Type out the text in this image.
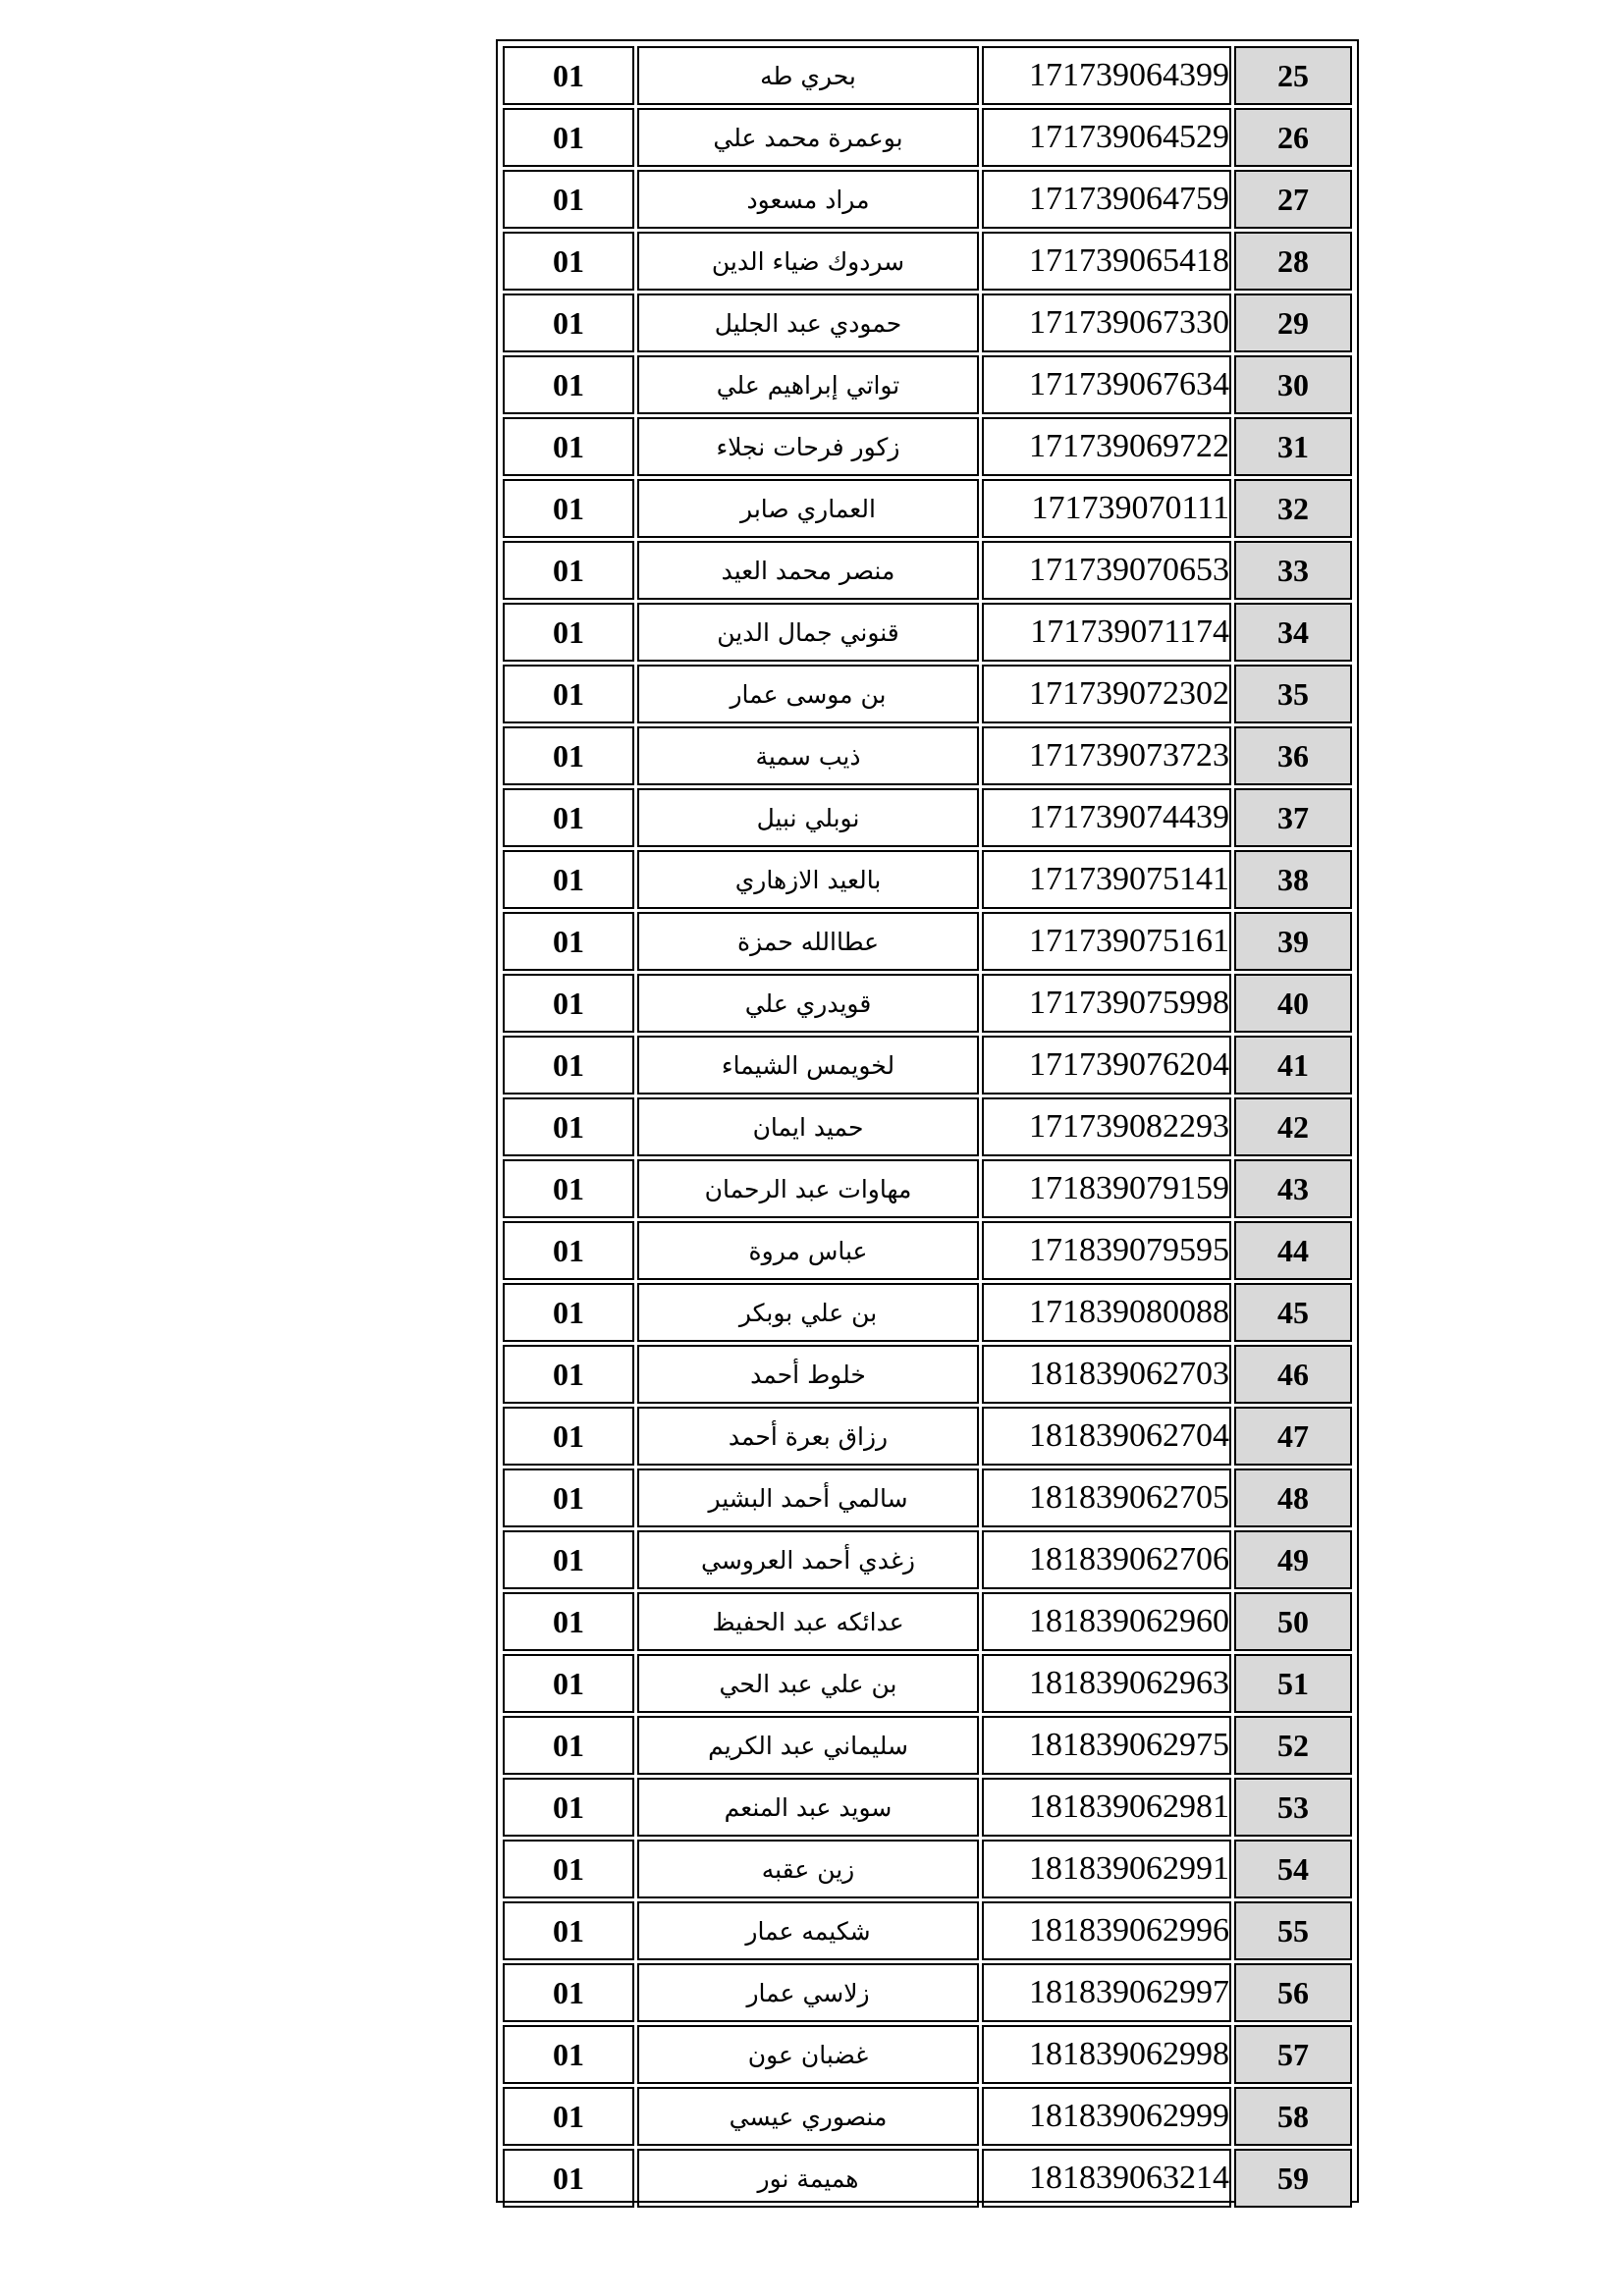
01	بحري طه	171739064399	25
01	بوعمرة محمد علي	171739064529	26
01	مراد مسعود	171739064759	27
01	سردوك ضياء الدين	171739065418	28
01	حمودي عبد الجليل	171739067330	29
01	تواتي إبراهيم علي	171739067634	30
01	زكور فرحات نجلاء	171739069722	31
01	العماري صابر	171739070111	32
01	منصر محمد العيد	171739070653	33
01	قنوني جمال الدين	171739071174	34
01	بن موسى عمار	171739072302	35
01	ذيب سمية	171739073723	36
01	نوبلي نبيل	171739074439	37
01	بالعيد الازهاري	171739075141	38
01	عطاالله حمزة	171739075161	39
01	قويدري علي	171739075998	40
01	لخويمس الشيماء	171739076204	41
01	حميد ايمان	171739082293	42
01	مهاوات عبد الرحمان	171839079159	43
01	عباس مروة	171839079595	44
01	بن علي بوبكر	171839080088	45
01	خلوط أحمد	181839062703	46
01	رزاق بعرة أحمد	181839062704	47
01	سالمي أحمد البشير	181839062705	48
01	زغدي أحمد العروسي	181839062706	49
01	عدائكه عبد الحفيظ	181839062960	50
01	بن علي عبد الحي	181839062963	51
01	سليماني عبد الكريم	181839062975	52
01	سويد عبد المنعم	181839062981	53
01	زين عقبه	181839062991	54
01	شكيمه عمار	181839062996	55
01	زلاسي عمار	181839062997	56
01	غضبان عون	181839062998	57
01	منصوري عيسي	181839062999	58
01	هميمة نور	181839063214	59
